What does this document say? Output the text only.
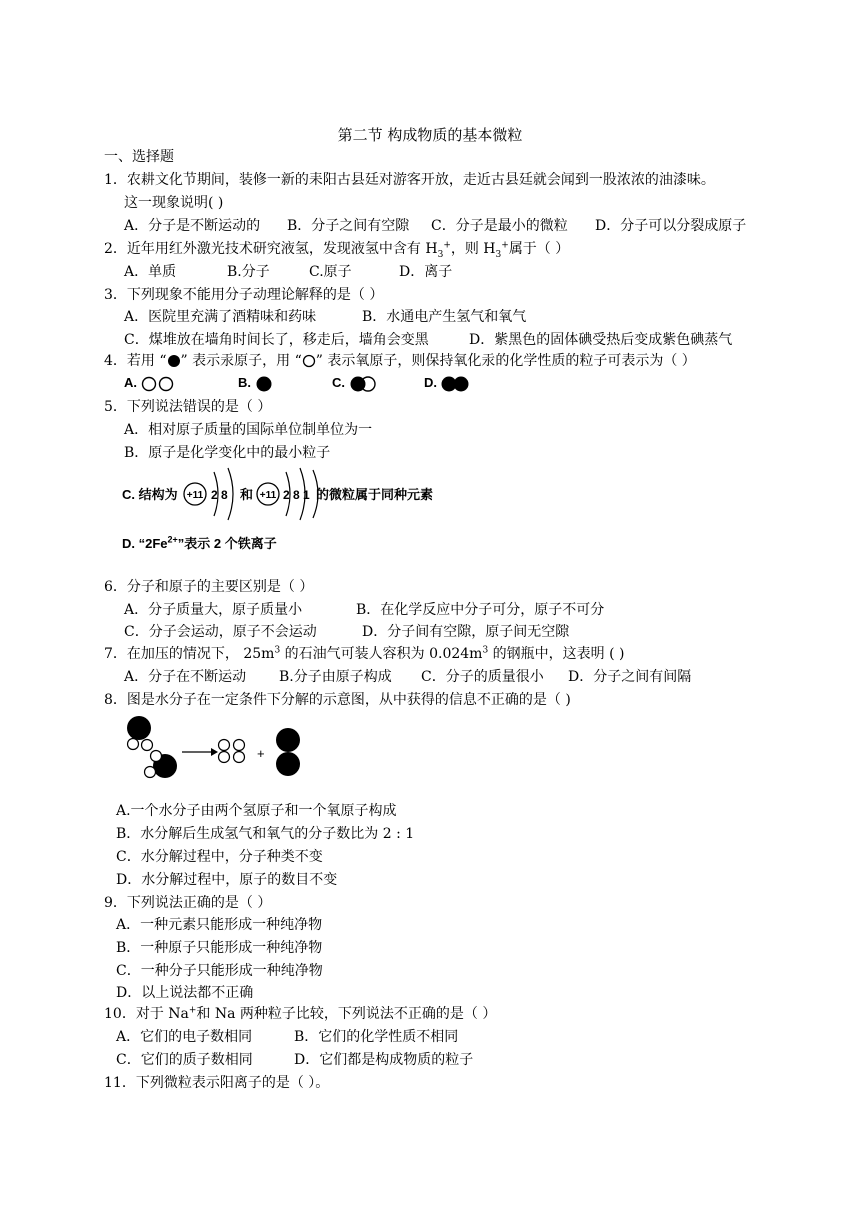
第二节 构成物质的基本微粒
一、选择题
1．农耕文化节期间，装修一新的耒阳古县廷对游客开放，走近古县廷就会闻到一股浓浓的油漆味。
这一现象说明( )
A．分子是不断运动的 B．分子之间有空隙 C．分子是最小的微粒 D．分子可以分裂成原子
2．近年用红外激光技术研究液氢，发现液氢中含有 $H_3^+$，则 $H_3^+$属于（ ）
A．单质	B.分子	C.原子	D．离子
3．下列现象不能用分子动理论解释的是（ ）
A．医院里充满了酒精味和药味	B．水通电产生氢气和氧气
C．煤堆放在墙角时间长了，移走后，墙角会变黑	D．紫黑色的固体碘受热后变成紫色碘蒸气
4．若用 “ ” 表示汞原子，用 “ ” 表示氧原子，则保持氧化汞的化学性质的粒子可表示为（ ）
A.	B.	C.	D.
5．下列说法错误的是（ ）
A．相对原子质量的国际单位制单位为一
B．原子是化学变化中的最小粒子
C. 结构为 +11 2 8 和 +11 2 8 1 的微粒属于同种元素
D. “$2Fe^{2+}$”表示 2 个铁离子
6．分子和原子的主要区别是（ ）
A．分子质量大，原子质量小	B．在化学反应中分子可分，原子不可分
C．分子会运动，原子不会运动	D．分子间有空隙，原子间无空隙
7．在加压的情况下， $25m^3$ 的石油气可装人容积为 $0.024m^3$ 的钢瓶中，这表明 ( )
A．分子在不断运动 B.分子由原子构成 C．分子的质量很小 D．分子之间有间隔
8．图是水分子在一定条件下分解的示意图，从中获得的信息不正确的是（ )
+
A.一个水分子由两个氢原子和一个氧原子构成
B．水分解后生成氢气和氧气的分子数比为 2 : 1
C．水分解过程中，分子种类不变
D．水分解过程中，原子的数目不变
9．下列说法正确的是（ ）
A．一种元素只能形成一种纯净物
B．一种原子只能形成一种纯净物
C．一种分子只能形成一种纯净物
D．以上说法都不正确
10．对于 Na+和 Na 两种粒子比较，下列说法不正确的是（ ）
A．它们的电子数相同	B．它们的化学性质不相同
C．它们的质子数相同	D．它们都是构成物质的粒子
11．下列微粒表示阳离子的是（ ）。
